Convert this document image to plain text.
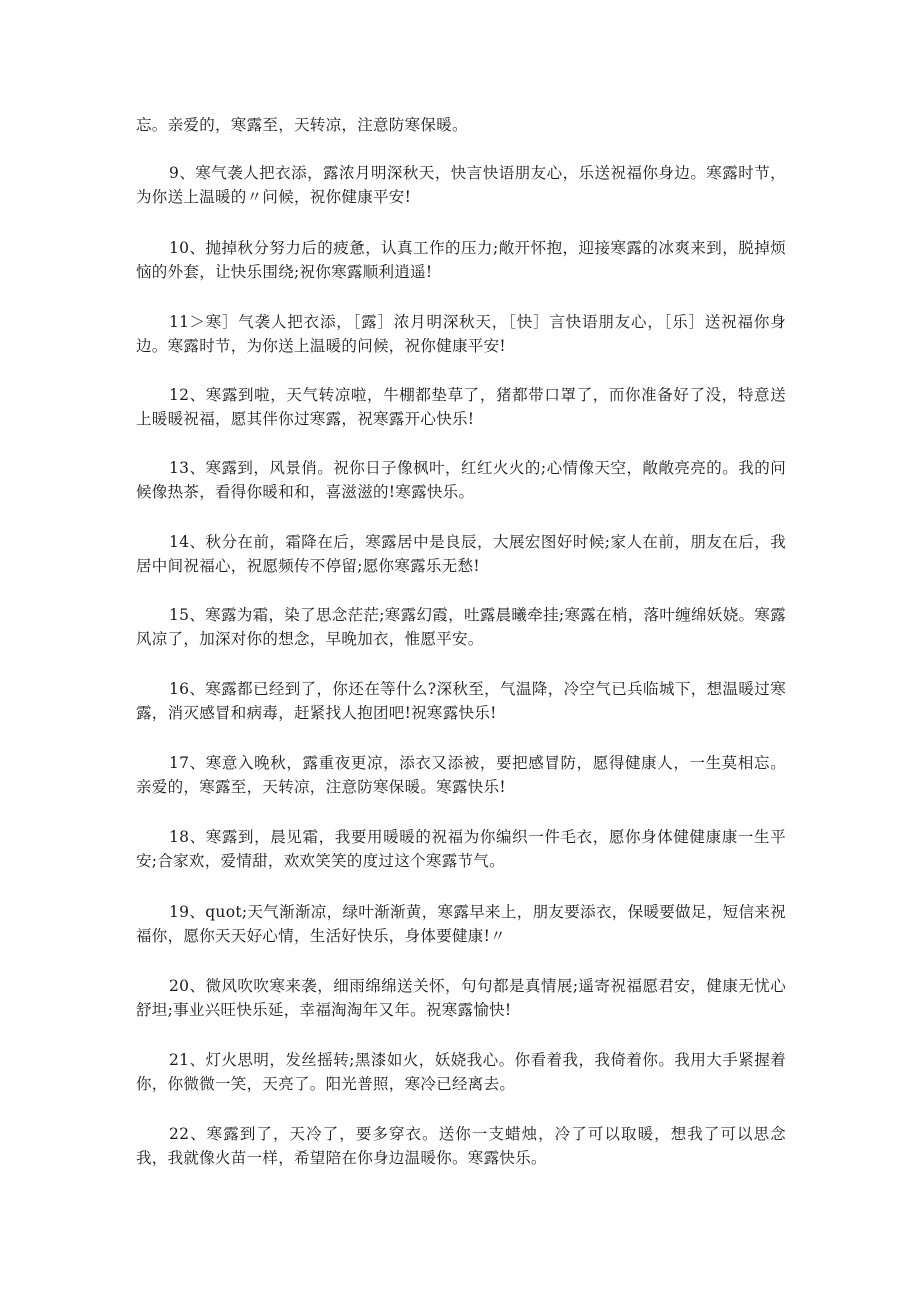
忘。亲爱的，寒露至，天转凉，注意防寒保暖。

9、寒气袭人把衣添，露浓月明深秋天，快言快语朋友心，乐送祝福你身边。寒露时节，为你送上温暖的〃问候，祝你健康平安!

10、抛掉秋分努力后的疲惫，认真工作的压力;敞开怀抱，迎接寒露的冰爽来到，脱掉烦恼的外套，让快乐围绕;祝你寒露顺利逍遥!

11＞寒］气袭人把衣添，［露］浓月明深秋天，［快］言快语朋友心，［乐］送祝福你身边。寒露时节，为你送上温暖的问候，祝你健康平安!

12、寒露到啦，天气转凉啦，牛棚都垫草了，猪都带口罩了，而你准备好了没，特意送上暖暖祝福，愿其伴你过寒露，祝寒露开心快乐!

13、寒露到，风景俏。祝你日子像枫叶，红红火火的;心情像天空，敞敞亮亮的。我的问候像热茶，看得你暖和和，喜滋滋的!寒露快乐。

14、秋分在前，霜降在后，寒露居中是良辰，大展宏图好时候;家人在前，朋友在后，我居中间祝福心，祝愿频传不停留;愿你寒露乐无愁!

15、寒露为霜，染了思念茫茫;寒露幻霞，吐露晨曦牵挂;寒露在梢，落叶缠绵妖娆。寒露风凉了，加深对你的想念，早晚加衣，惟愿平安。

16、寒露都已经到了，你还在等什么?深秋至，气温降，冷空气已兵临城下，想温暖过寒露，消灭感冒和病毒，赶紧找人抱团吧!祝寒露快乐!

17、寒意入晚秋，露重夜更凉，添衣又添被，要把感冒防，愿得健康人，一生莫相忘。亲爱的，寒露至，天转凉，注意防寒保暖。寒露快乐!

18、寒露到，晨见霜，我要用暖暖的祝福为你编织一件毛衣，愿你身体健健康康一生平安;合家欢，爱情甜，欢欢笑笑的度过这个寒露节气。

19、quot;天气渐渐凉，绿叶渐渐黄，寒露早来上，朋友要添衣，保暖要做足，短信来祝福你，愿你天天好心情，生活好快乐，身体要健康!〃

20、微风吹吹寒来袭，细雨绵绵送关怀，句句都是真情展;遥寄祝福愿君安，健康无忧心舒坦;事业兴旺快乐延，幸福淘淘年又年。祝寒露愉快!

21、灯火思明，发丝摇转;黑漆如火，妖娆我心。你看着我，我倚着你。我用大手紧握着你，你微微一笑，天亮了。阳光普照，寒冷已经离去。

22、寒露到了，天冷了，要多穿衣。送你一支蜡烛，冷了可以取暖，想我了可以思念我，我就像火苗一样，希望陪在你身边温暖你。寒露快乐。
